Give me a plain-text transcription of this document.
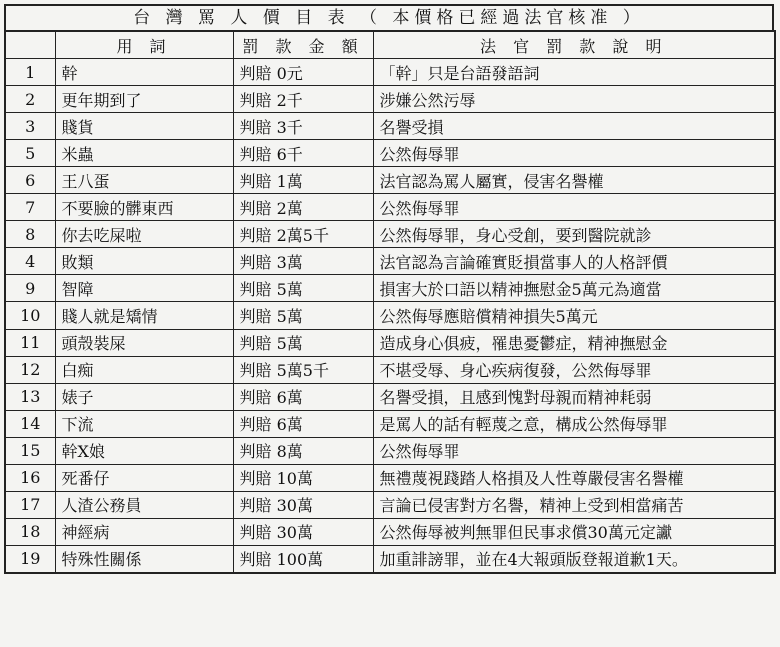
台 灣 罵 人 價 目 表 （ 本價格已經過法官核准 ）
	用 詞	罰 款 金 額	法 官 罰 款 說 明
1	幹	判賠 0元	「幹」只是台語發語詞
2	更年期到了	判賠 2千	涉嫌公然污辱
3	賤貨	判賠 3千	名譽受損
5	米蟲	判賠 6千	公然侮辱罪
6	王八蛋	判賠 1萬	法官認為罵人屬實，侵害名譽權
7	不要臉的髒東西	判賠 2萬	公然侮辱罪
8	你去吃屎啦	判賠 2萬5千	公然侮辱罪，身心受創，要到醫院就診
4	敗類	判賠 3萬	法官認為言論確實貶損當事人的人格評價
9	智障	判賠 5萬	損害大於口語以精神撫慰金5萬元為適當
10	賤人就是矯情	判賠 5萬	公然侮辱應賠償精神損失5萬元
11	頭殼裝屎	判賠 5萬	造成身心俱疲，罹患憂鬱症，精神撫慰金
12	白痴	判賠 5萬5千	不堪受辱、身心疾病復發，公然侮辱罪
13	婊子	判賠 6萬	名譽受損，且感到愧對母親而精神耗弱
14	下流	判賠 6萬	是罵人的話有輕蔑之意，構成公然侮辱罪
15	幹X娘	判賠 8萬	公然侮辱罪
16	死番仔	判賠 10萬	無禮蔑視踐踏人格損及人性尊嚴侵害名譽權
17	人渣公務員	判賠 30萬	言論已侵害對方名譽，精神上受到相當痛苦
18	神經病	判賠 30萬	公然侮辱被判無罪但民事求償30萬元定讞
19	特殊性關係	判賠 100萬	加重誹謗罪，並在4大報頭版登報道歉1天。
